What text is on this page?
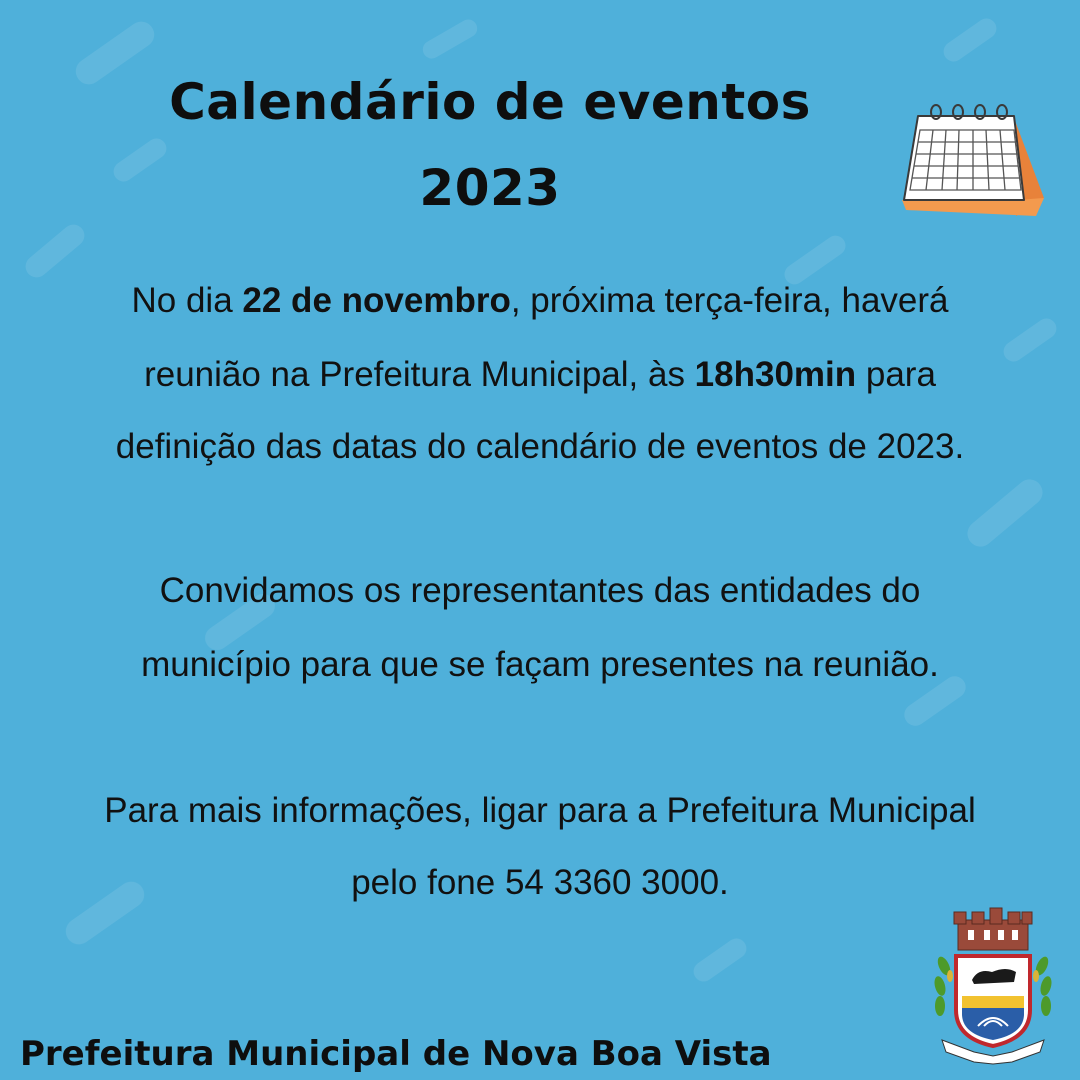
Calendário de eventos
2023
No dia 22 de novembro, próxima terça-feira, haverá
reunião na Prefeitura Municipal, às 18h30min para
definição das datas do calendário de eventos de 2023.
Convidamos os representantes das entidades do
município para que se façam presentes na reunião.
Para mais informações, ligar para a Prefeitura Municipal
pelo fone 54 3360 3000.
Prefeitura Municipal de Nova Boa Vista
